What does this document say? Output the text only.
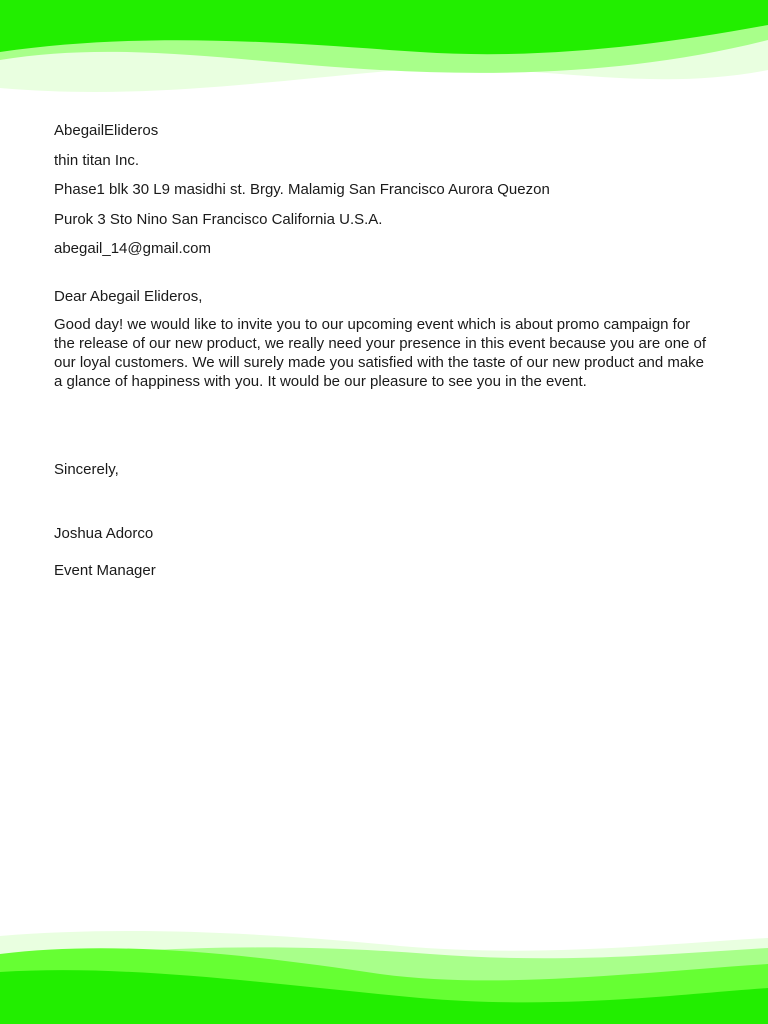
AbegailElideros

thin titan Inc.

Phase1 blk 30 L9 masidhi st. Brgy. Malamig San Francisco Aurora Quezon

Purok 3 Sto Nino San Francisco California U.S.A.

abegail_14@gmail.com

Dear Abegail Elideros,

Good day! we would like to invite you to our upcoming event which is about promo campaign for the release of our new product, we really need your presence in this event because you are one of our loyal customers. We will surely made you satisfied with the taste of our new product and make a glance of happiness with you. It would be our pleasure to see you in the event.

Sincerely,

Joshua Adorco

Event Manager
